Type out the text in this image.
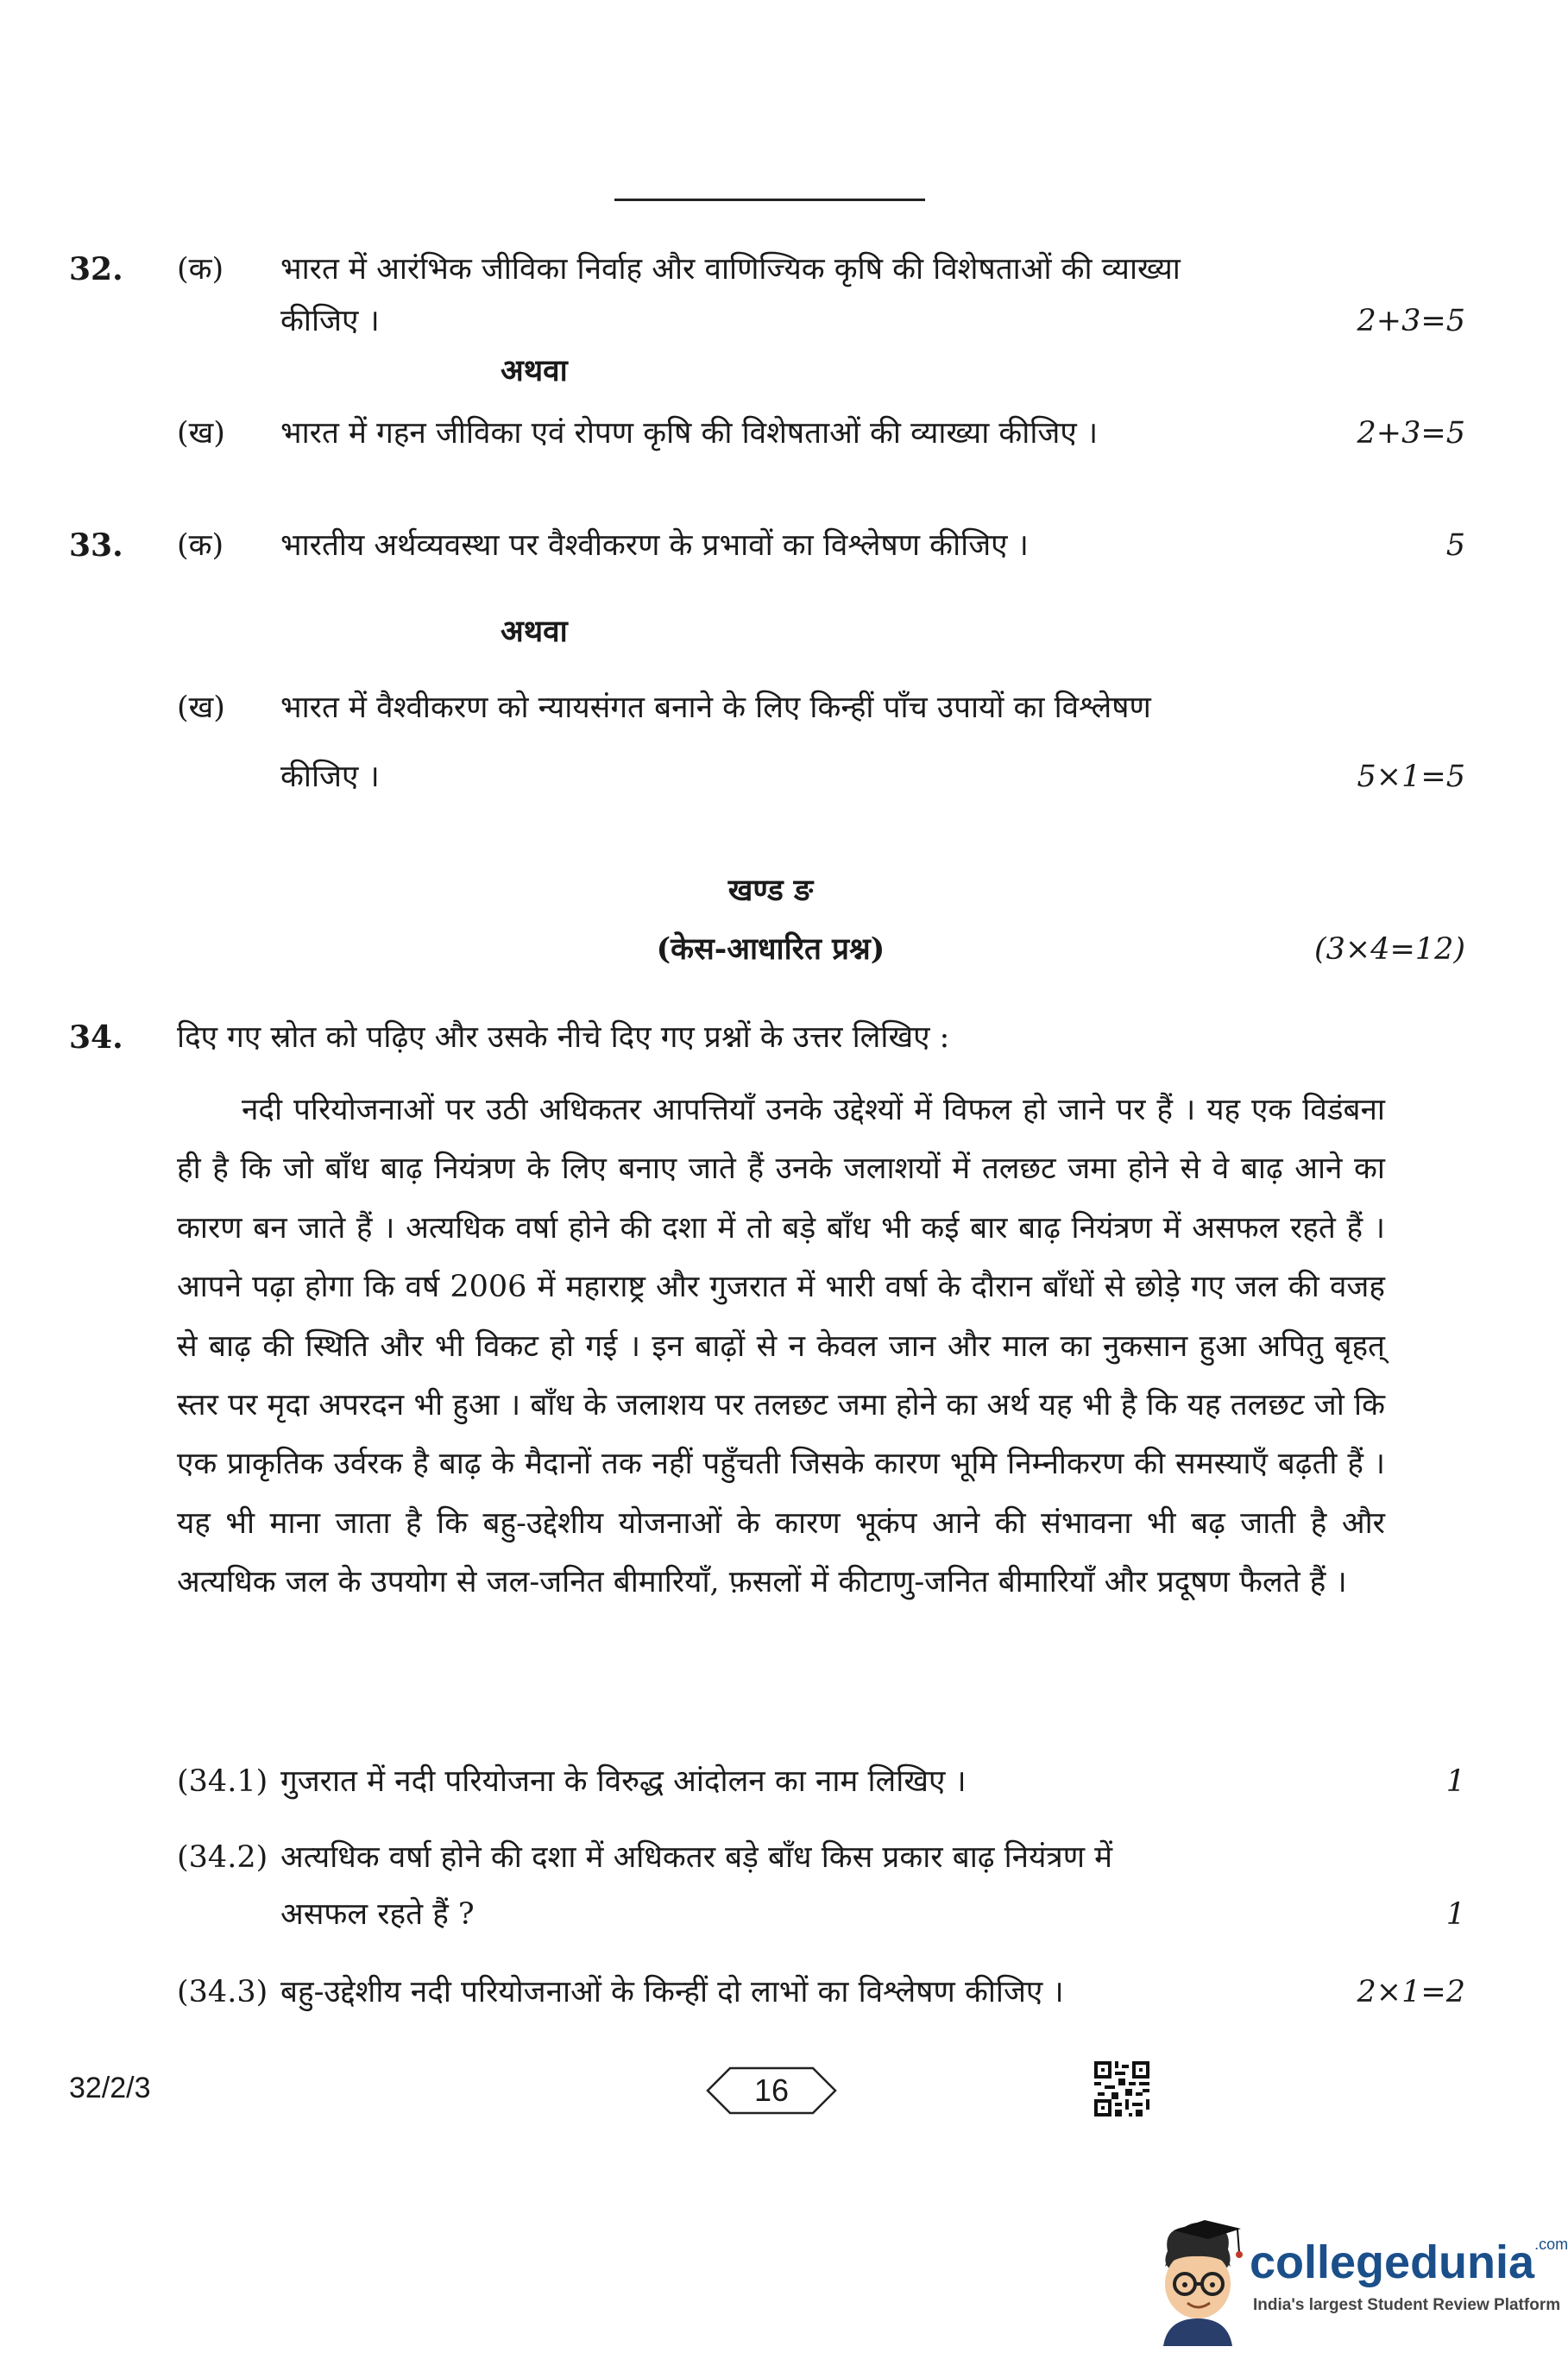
32. (क) भारत में आरंभिक जीविका निर्वाह और वाणिज्यिक कृषि की विशेषताओं की व्याख्या
कीजिए ।	2+3=5
अथवा
(ख) भारत में गहन जीविका एवं रोपण कृषि की विशेषताओं की व्याख्या कीजिए ।	2+3=5
33. (क) भारतीय अर्थव्यवस्था पर वैश्वीकरण के प्रभावों का विश्लेषण कीजिए ।	5
अथवा
(ख) भारत में वैश्वीकरण को न्यायसंगत बनाने के लिए किन्हीं पाँच उपायों का विश्लेषण
कीजिए ।	5×1=5
खण्ड ङ
(केस-आधारित प्रश्न)	(3×4=12)
34. दिए गए स्रोत को पढ़िए और उसके नीचे दिए गए प्रश्नों के उत्तर लिखिए :
नदी परियोजनाओं पर उठी अधिकतर आपत्तियाँ उनके उद्देश्यों में विफल हो जाने पर हैं । यह एक विडंबना ही है कि जो बाँध बाढ़ नियंत्रण के लिए बनाए जाते हैं उनके जलाशयों में तलछट जमा होने से वे बाढ़ आने का कारण बन जाते हैं । अत्यधिक वर्षा होने की दशा में तो बड़े बाँध भी कई बार बाढ़ नियंत्रण में असफल रहते हैं । आपने पढ़ा होगा कि वर्ष 2006 में महाराष्ट्र और गुजरात में भारी वर्षा के दौरान बाँधों से छोड़े गए जल की वजह से बाढ़ की स्थिति और भी विकट हो गई । इन बाढ़ों से न केवल जान और माल का नुकसान हुआ अपितु बृहत् स्तर पर मृदा अपरदन भी हुआ । बाँध के जलाशय पर तलछट जमा होने का अर्थ यह भी है कि यह तलछट जो कि एक प्राकृतिक उर्वरक है बाढ़ के मैदानों तक नहीं पहुँचती जिसके कारण भूमि निम्नीकरण की समस्याएँ बढ़ती हैं । यह भी माना जाता है कि बहु-उद्देशीय योजनाओं के कारण भूकंप आने की संभावना भी बढ़ जाती है और अत्यधिक जल के उपयोग से जल-जनित बीमारियाँ, फ़सलों में कीटाणु-जनित बीमारियाँ और प्रदूषण फैलते हैं ।
(34.1) गुजरात में नदी परियोजना के विरुद्ध आंदोलन का नाम लिखिए ।	1
(34.2) अत्यधिक वर्षा होने की दशा में अधिकतर बड़े बाँध किस प्रकार बाढ़ नियंत्रण में
असफल रहते हैं ?	1
(34.3) बहु-उद्देशीय नदी परियोजनाओं के किन्हीं दो लाभों का विश्लेषण कीजिए ।	2×1=2
32/2/3	16
collegedunia$^{.com}$
India's largest Student Review Platform
